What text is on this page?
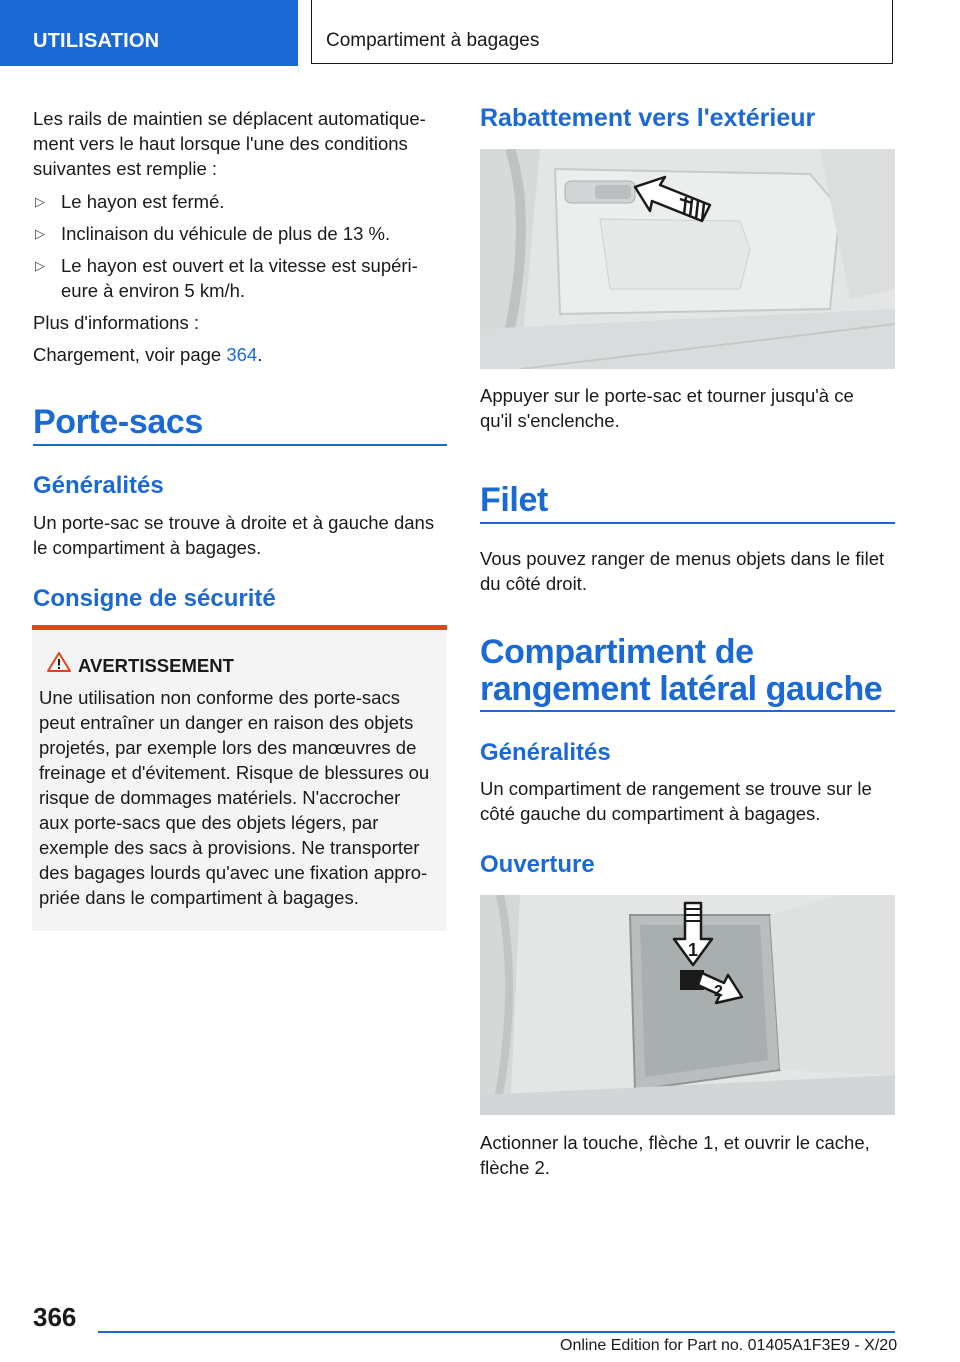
UTILISATION	Compartiment à bagages

Les rails de maintien se déplacent automatique-

ment vers le haut lorsque l'une des conditions

suivantes est remplie :

▷ Le hayon est fermé.

▷ Inclinaison du véhicule de plus de 13 %.

▷ Le hayon est ouvert et la vitesse est supéri-

eure à environ 5 km/h.

Plus d'informations :

Chargement, voir page 364.

Porte-sacs
Généralités

Un porte-sac se trouve à droite et à gauche dans

le compartiment à bagages.

Consigne de sécurité

AVERTISSEMENT

Une utilisation non conforme des porte-sacs

peut entraîner un danger en raison des objets

projetés, par exemple lors des manœuvres de

freinage et d'évitement. Risque de blessures ou

risque de dommages matériels. N'accrocher

aux porte-sacs que des objets légers, par

exemple des sacs à provisions. Ne transporter

des bagages lourds qu'avec une fixation appro-

priée dans le compartiment à bagages.

Rabattement vers l'extérieur

Appuyer sur le porte-sac et tourner jusqu'à ce

qu'il s'enclenche.

Filet

Vous pouvez ranger de menus objets dans le filet

du côté droit.

Compartiment de
rangement latéral gauche
Généralités

Un compartiment de rangement se trouve sur le

côté gauche du compartiment à bagages.

Ouverture
1
2

Actionner la touche, flèche 1, et ouvrir le cache,

flèche 2.

366

Online Edition for Part no. 01405A1F3E9 - X/20
